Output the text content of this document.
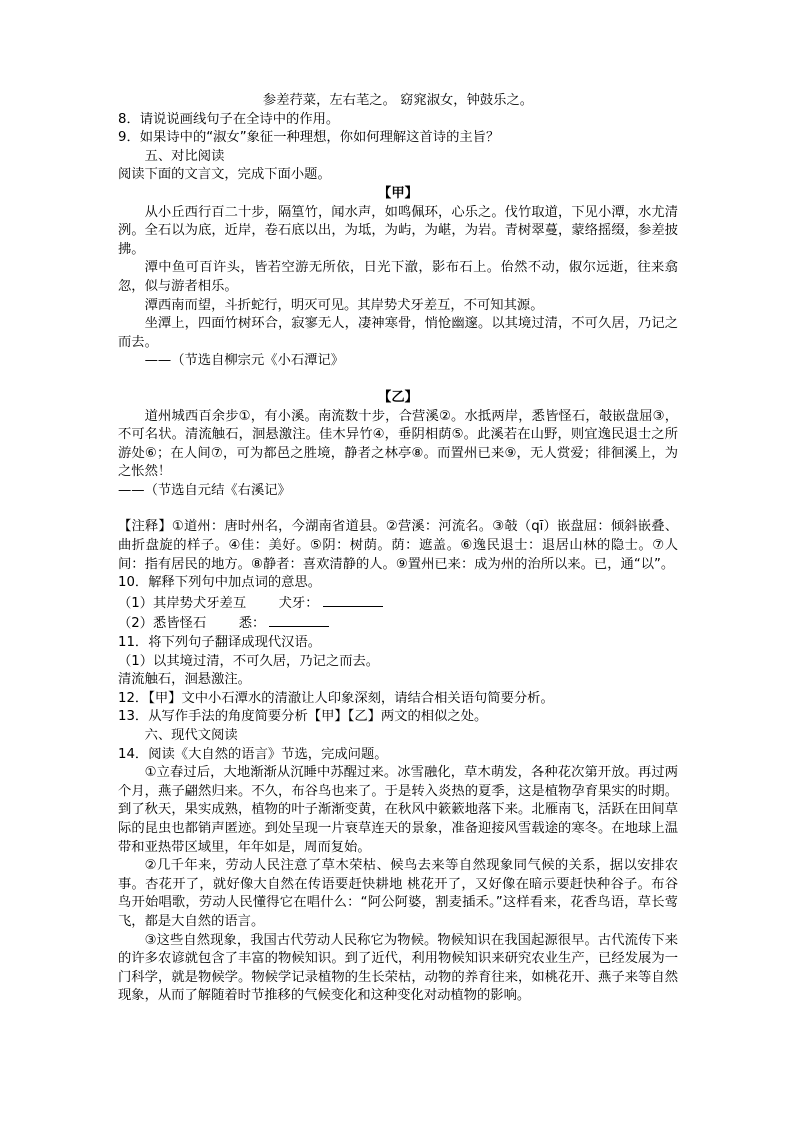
参差荇菜，左右芼之。 窈窕淑女，钟鼓乐之。
8．请说说画线句子在全诗中的作用。
9．如果诗中的“淑女”象征一种理想，你如何理解这首诗的主旨？
五、对比阅读
阅读下面的文言文，完成下面小题。
【甲】

从小丘西行百二十步，隔篁竹，闻水声，如鸣佩环，心乐之。伐竹取道，下见小潭，水尤清洌。全石以为底，近岸，卷石底以出，为坻，为屿，为嵁，为岩。青树翠蔓，蒙络摇缀，参差披拂。

潭中鱼可百许头，皆若空游无所依，日光下澈，影布石上。佁然不动，俶尔远逝，往来翕忽，似与游者相乐。

潭西南而望，斗折蛇行，明灭可见。其岸势犬牙差互，不可知其源。

坐潭上，四面竹树环合，寂寥无人，凄神寒骨，悄怆幽邃。以其境过清，不可久居，乃记之而去。

——（节选自柳宗元《小石潭记》
【乙】

道州城西百余步①，有小溪。南流数十步，合营溪②。水抵两岸，悉皆怪石，攲嵌盘屈③，不可名状。清流触石，洄悬激注。佳木异竹④，垂阴相荫⑤。此溪若在山野，则宜逸民退士之所游处⑥；在人间⑦，可为都邑之胜境，静者之林亭⑧。而置州已来⑨，无人赏爱；徘徊溪上，为之怅然！

——（节选自元结《右溪记》

【注释】①道州：唐时州名，今湖南省道县。②营溪：河流名。③攲（qī）嵌盘屈：倾斜嵌叠、曲折盘旋的样子。④佳：美好。⑤阴：树荫。荫：遮盖。⑥逸民退士：退居山林的隐士。⑦人间：指有居民的地方。⑧静者：喜欢清静的人。⑨置州已来：成为州的治所以来。已，通“以”。

10．解释下列句中加点词的意思。
（1）其岸势犬牙差互 犬牙：
（2）悉皆怪石 悉：
11．将下列句子翻译成现代汉语。
（1）以其境过清，不可久居，乃记之而去。
清流触石，洄悬激注。
12．【甲】文中小石潭水的清澈让人印象深刻，请结合相关语句简要分析。
13．从写作手法的角度简要分析【甲】【乙】两文的相似之处。
六、现代文阅读
14．阅读《大自然的语言》节选，完成问题。

①立春过后，大地渐渐从沉睡中苏醒过来。冰雪融化，草木萌发，各种花次第开放。再过两个月，燕子翩然归来。不久，布谷鸟也来了。于是转入炎热的夏季，这是植物孕育果实的时期。到了秋天，果实成熟，植物的叶子渐渐变黄，在秋风中簌簌地落下来。北雁南飞，活跃在田间草际的昆虫也都销声匿迹。到处呈现一片衰草连天的景象，准备迎接风雪载途的寒冬。在地球上温带和亚热带区域里，年年如是，周而复始。

②几千年来，劳动人民注意了草木荣枯、候鸟去来等自然现象同气候的关系，据以安排农事。杏花开了，就好像大自然在传语要赶快耕地 桃花开了，又好像在暗示要赶快种谷子。布谷鸟开始唱歌，劳动人民懂得它在唱什么：“阿公阿婆，割麦插禾。”这样看来，花香鸟语，草长莺飞，都是大自然的语言。

③这些自然现象，我国古代劳动人民称它为物候。物候知识在我国起源很早。古代流传下来的许多农谚就包含了丰富的物候知识。到了近代，利用物候知识来研究农业生产，已经发展为一门科学，就是物候学。物候学记录植物的生长荣枯，动物的养育往来，如桃花开、燕子来等自然现象，从而了解随着时节推移的气候变化和这种变化对动植物的影响。
